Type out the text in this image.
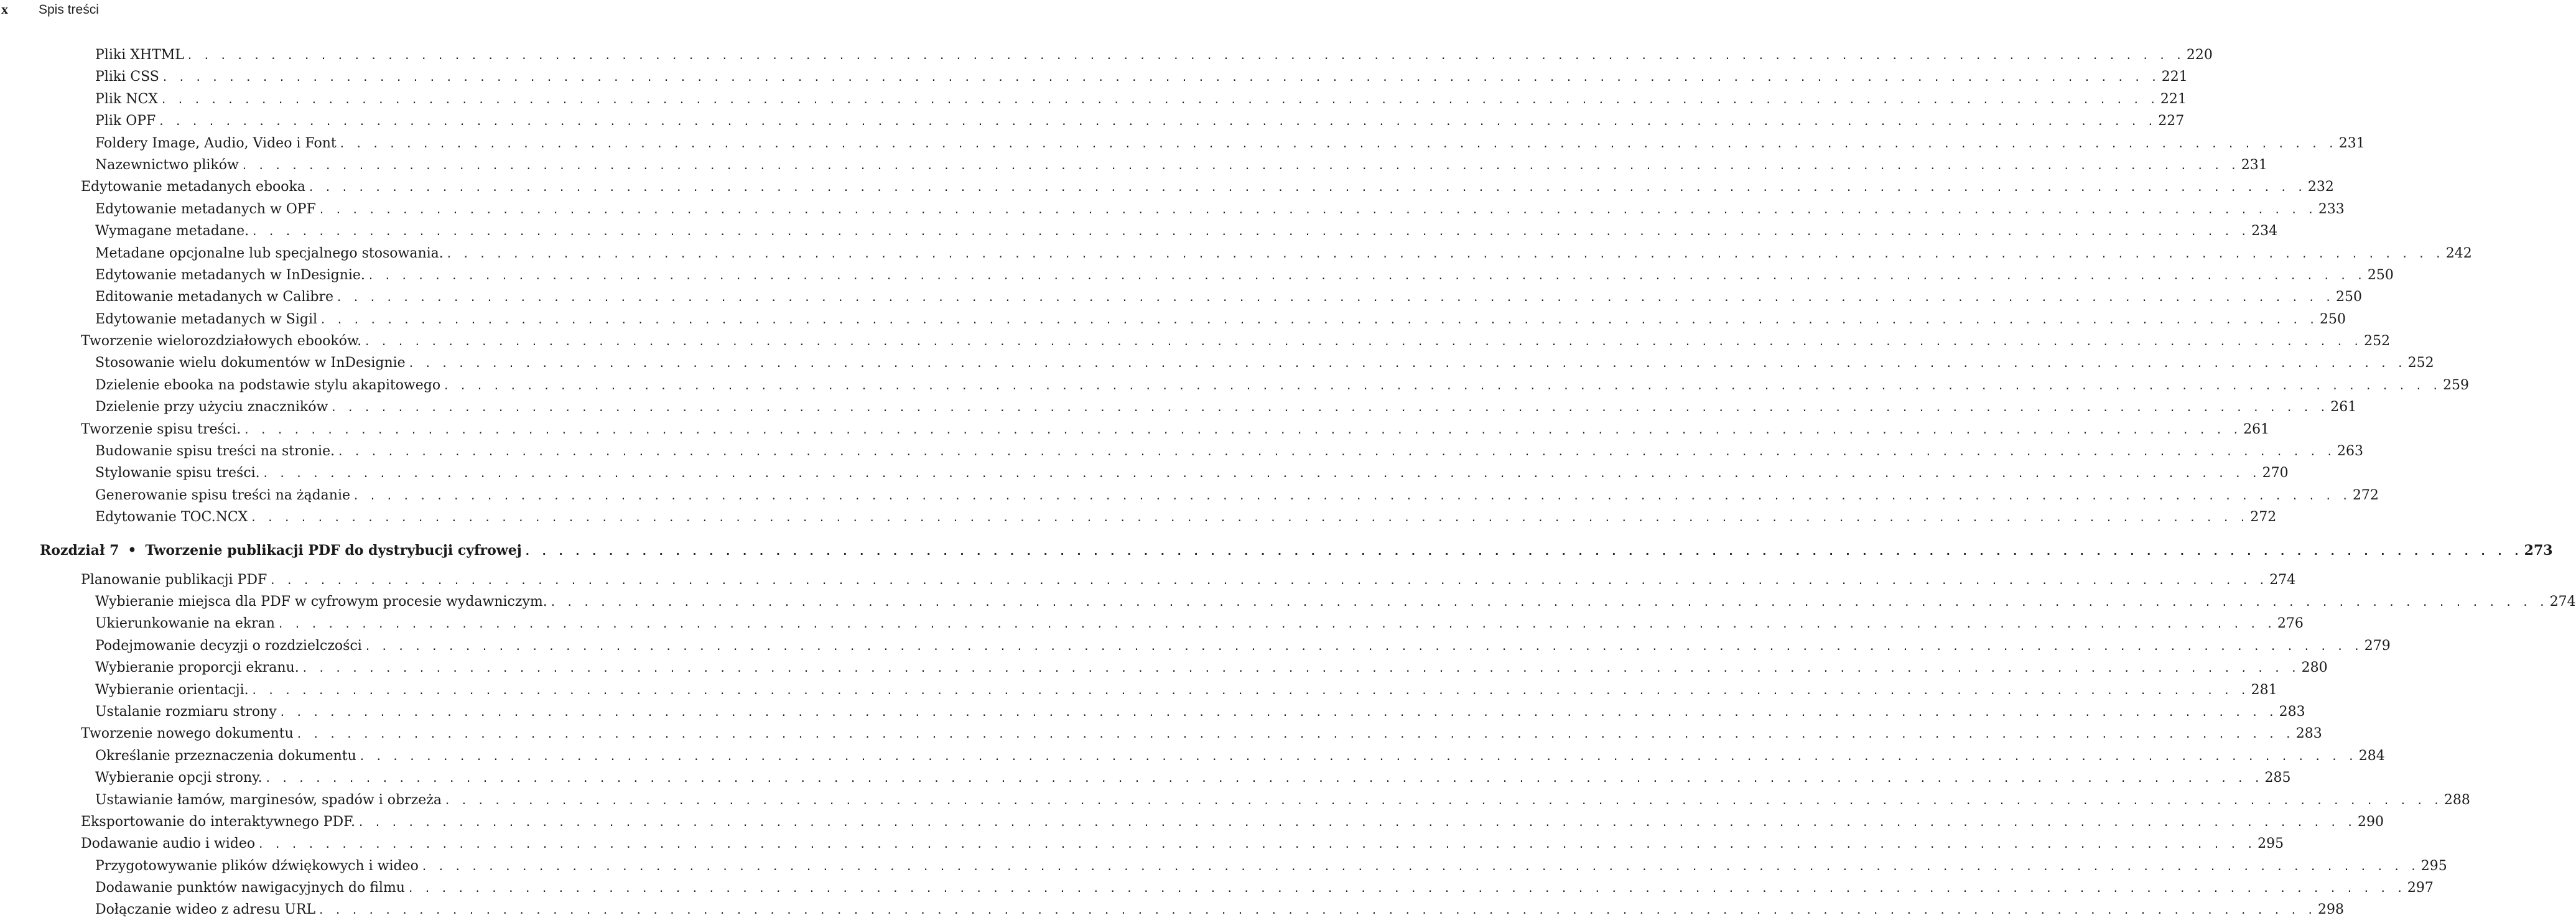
x	Spis treści
Pliki XHTML . . . . . . . . . . . . . . . . . . . . . . . . . . . . . . . . . . . . . . . . . . . . . . . . . . . . . . . . . . . . . . . . . . . . . . . . . . . . . . . . . . . . . . . . . . . . . . . . . . . . . . . . . . . . . . . . . . . . . . . . 220
Pliki CSS . . . . . . . . . . . . . . . . . . . . . . . . . . . . . . . . . . . . . . . . . . . . . . . . . . . . . . . . . . . . . . . . . . . . . . . . . . . . . . . . . . . . . . . . . . . . . . . . . . . . . . . . . . . . . . . . . . . . . . . . 221
Plik NCX . . . . . . . . . . . . . . . . . . . . . . . . . . . . . . . . . . . . . . . . . . . . . . . . . . . . . . . . . . . . . . . . . . . . . . . . . . . . . . . . . . . . . . . . . . . . . . . . . . . . . . . . . . . . . . . . . . . . . . . . 221
Plik OPF . . . . . . . . . . . . . . . . . . . . . . . . . . . . . . . . . . . . . . . . . . . . . . . . . . . . . . . . . . . . . . . . . . . . . . . . . . . . . . . . . . . . . . . . . . . . . . . . . . . . . . . . . . . . . . . . . . . . . . . . 227
Foldery Image, Audio, Video i Font . . . . . . . . . . . . . . . . . . . . . . . . . . . . . . . . . . . . . . . . . . . . . . . . . . . . . . . . . . . . . . . . . . . . . . . . . . . . . . . . . . . . . . . . . . . . . . . . . . . . . . . . . . . . . . . . . . . . . . . . 231
Nazewnictwo plików . . . . . . . . . . . . . . . . . . . . . . . . . . . . . . . . . . . . . . . . . . . . . . . . . . . . . . . . . . . . . . . . . . . . . . . . . . . . . . . . . . . . . . . . . . . . . . . . . . . . . . . . . . . . . . . . . . . . . . . . 231
Edytowanie metadanych ebooka . . . . . . . . . . . . . . . . . . . . . . . . . . . . . . . . . . . . . . . . . . . . . . . . . . . . . . . . . . . . . . . . . . . . . . . . . . . . . . . . . . . . . . . . . . . . . . . . . . . . . . . . . . . . . . . . . . . . . . . . 232
Edytowanie metadanych w OPF . . . . . . . . . . . . . . . . . . . . . . . . . . . . . . . . . . . . . . . . . . . . . . . . . . . . . . . . . . . . . . . . . . . . . . . . . . . . . . . . . . . . . . . . . . . . . . . . . . . . . . . . . . . . . . . . . . . . . . . . 233
Wymagane metadane. . . . . . . . . . . . . . . . . . . . . . . . . . . . . . . . . . . . . . . . . . . . . . . . . . . . . . . . . . . . . . . . . . . . . . . . . . . . . . . . . . . . . . . . . . . . . . . . . . . . . . . . . . . . . . . . . . . . . . . . . 234
Metadane opcjonalne lub specjalnego stosowania. . . . . . . . . . . . . . . . . . . . . . . . . . . . . . . . . . . . . . . . . . . . . . . . . . . . . . . . . . . . . . . . . . . . . . . . . . . . . . . . . . . . . . . . . . . . . . . . . . . . . . . . . . . . . . . . . . . . . . . . . 242
Edytowanie metadanych w InDesignie. . . . . . . . . . . . . . . . . . . . . . . . . . . . . . . . . . . . . . . . . . . . . . . . . . . . . . . . . . . . . . . . . . . . . . . . . . . . . . . . . . . . . . . . . . . . . . . . . . . . . . . . . . . . . . . . . . . . . . . . . 250
Editowanie metadanych w Calibre . . . . . . . . . . . . . . . . . . . . . . . . . . . . . . . . . . . . . . . . . . . . . . . . . . . . . . . . . . . . . . . . . . . . . . . . . . . . . . . . . . . . . . . . . . . . . . . . . . . . . . . . . . . . . . . . . . . . . . . . 250
Edytowanie metadanych w Sigil . . . . . . . . . . . . . . . . . . . . . . . . . . . . . . . . . . . . . . . . . . . . . . . . . . . . . . . . . . . . . . . . . . . . . . . . . . . . . . . . . . . . . . . . . . . . . . . . . . . . . . . . . . . . . . . . . . . . . . . . 250
Tworzenie wielorozdziałowych ebooków. . . . . . . . . . . . . . . . . . . . . . . . . . . . . . . . . . . . . . . . . . . . . . . . . . . . . . . . . . . . . . . . . . . . . . . . . . . . . . . . . . . . . . . . . . . . . . . . . . . . . . . . . . . . . . . . . . . . . . . . . 252
Stosowanie wielu dokumentów w InDesignie . . . . . . . . . . . . . . . . . . . . . . . . . . . . . . . . . . . . . . . . . . . . . . . . . . . . . . . . . . . . . . . . . . . . . . . . . . . . . . . . . . . . . . . . . . . . . . . . . . . . . . . . . . . . . . . . . . . . . . . . 252
Dzielenie ebooka na podstawie stylu akapitowego . . . . . . . . . . . . . . . . . . . . . . . . . . . . . . . . . . . . . . . . . . . . . . . . . . . . . . . . . . . . . . . . . . . . . . . . . . . . . . . . . . . . . . . . . . . . . . . . . . . . . . . . . . . . . . . . . . . . . . . . 259
Dzielenie przy użyciu znaczników . . . . . . . . . . . . . . . . . . . . . . . . . . . . . . . . . . . . . . . . . . . . . . . . . . . . . . . . . . . . . . . . . . . . . . . . . . . . . . . . . . . . . . . . . . . . . . . . . . . . . . . . . . . . . . . . . . . . . . . . 261
Tworzenie spisu treści. . . . . . . . . . . . . . . . . . . . . . . . . . . . . . . . . . . . . . . . . . . . . . . . . . . . . . . . . . . . . . . . . . . . . . . . . . . . . . . . . . . . . . . . . . . . . . . . . . . . . . . . . . . . . . . . . . . . . . . . . 261
Budowanie spisu treści na stronie. . . . . . . . . . . . . . . . . . . . . . . . . . . . . . . . . . . . . . . . . . . . . . . . . . . . . . . . . . . . . . . . . . . . . . . . . . . . . . . . . . . . . . . . . . . . . . . . . . . . . . . . . . . . . . . . . . . . . . . . . 263
Stylowanie spisu treści. . . . . . . . . . . . . . . . . . . . . . . . . . . . . . . . . . . . . . . . . . . . . . . . . . . . . . . . . . . . . . . . . . . . . . . . . . . . . . . . . . . . . . . . . . . . . . . . . . . . . . . . . . . . . . . . . . . . . . . . . 270
Generowanie spisu treści na żądanie . . . . . . . . . . . . . . . . . . . . . . . . . . . . . . . . . . . . . . . . . . . . . . . . . . . . . . . . . . . . . . . . . . . . . . . . . . . . . . . . . . . . . . . . . . . . . . . . . . . . . . . . . . . . . . . . . . . . . . . . 272
Edytowanie TOC.NCX . . . . . . . . . . . . . . . . . . . . . . . . . . . . . . . . . . . . . . . . . . . . . . . . . . . . . . . . . . . . . . . . . . . . . . . . . . . . . . . . . . . . . . . . . . . . . . . . . . . . . . . . . . . . . . . . . . . . . . . . 272
Rozdział 7 • Tworzenie publikacji PDF do dystrybucji cyfrowej . . . . . . . . . . . . . . . . . . . . . . . . . . . . . . . . . . . . . . . . . . . . . . . . . . . . . . . . . . . . . . . . . . . . . . . . . . . . . . . . . . . . . . . . . . . . . . . . . . . . . . . . . . . . . . . . . . . . . . . . 273
Planowanie publikacji PDF . . . . . . . . . . . . . . . . . . . . . . . . . . . . . . . . . . . . . . . . . . . . . . . . . . . . . . . . . . . . . . . . . . . . . . . . . . . . . . . . . . . . . . . . . . . . . . . . . . . . . . . . . . . . . . . . . . . . . . . . 274
Wybieranie miejsca dla PDF w cyfrowym procesie wydawniczym. . . . . . . . . . . . . . . . . . . . . . . . . . . . . . . . . . . . . . . . . . . . . . . . . . . . . . . . . . . . . . . . . . . . . . . . . . . . . . . . . . . . . . . . . . . . . . . . . . . . . . . . . . . . . . . . . . . . . . . . . 274
Ukierunkowanie na ekran . . . . . . . . . . . . . . . . . . . . . . . . . . . . . . . . . . . . . . . . . . . . . . . . . . . . . . . . . . . . . . . . . . . . . . . . . . . . . . . . . . . . . . . . . . . . . . . . . . . . . . . . . . . . . . . . . . . . . . . . 276
Podejmowanie decyzji o rozdzielczości . . . . . . . . . . . . . . . . . . . . . . . . . . . . . . . . . . . . . . . . . . . . . . . . . . . . . . . . . . . . . . . . . . . . . . . . . . . . . . . . . . . . . . . . . . . . . . . . . . . . . . . . . . . . . . . . . . . . . . . . 279
Wybieranie proporcji ekranu. . . . . . . . . . . . . . . . . . . . . . . . . . . . . . . . . . . . . . . . . . . . . . . . . . . . . . . . . . . . . . . . . . . . . . . . . . . . . . . . . . . . . . . . . . . . . . . . . . . . . . . . . . . . . . . . . . . . . . . . . 280
Wybieranie orientacji. . . . . . . . . . . . . . . . . . . . . . . . . . . . . . . . . . . . . . . . . . . . . . . . . . . . . . . . . . . . . . . . . . . . . . . . . . . . . . . . . . . . . . . . . . . . . . . . . . . . . . . . . . . . . . . . . . . . . . . . . 281
Ustalanie rozmiaru strony . . . . . . . . . . . . . . . . . . . . . . . . . . . . . . . . . . . . . . . . . . . . . . . . . . . . . . . . . . . . . . . . . . . . . . . . . . . . . . . . . . . . . . . . . . . . . . . . . . . . . . . . . . . . . . . . . . . . . . . . 283
Tworzenie nowego dokumentu . . . . . . . . . . . . . . . . . . . . . . . . . . . . . . . . . . . . . . . . . . . . . . . . . . . . . . . . . . . . . . . . . . . . . . . . . . . . . . . . . . . . . . . . . . . . . . . . . . . . . . . . . . . . . . . . . . . . . . . . 283
Określanie przeznaczenia dokumentu . . . . . . . . . . . . . . . . . . . . . . . . . . . . . . . . . . . . . . . . . . . . . . . . . . . . . . . . . . . . . . . . . . . . . . . . . . . . . . . . . . . . . . . . . . . . . . . . . . . . . . . . . . . . . . . . . . . . . . . . 284
Wybieranie opcji strony. . . . . . . . . . . . . . . . . . . . . . . . . . . . . . . . . . . . . . . . . . . . . . . . . . . . . . . . . . . . . . . . . . . . . . . . . . . . . . . . . . . . . . . . . . . . . . . . . . . . . . . . . . . . . . . . . . . . . . . . . 285
Ustawianie łamów, marginesów, spadów i obrzeża . . . . . . . . . . . . . . . . . . . . . . . . . . . . . . . . . . . . . . . . . . . . . . . . . . . . . . . . . . . . . . . . . . . . . . . . . . . . . . . . . . . . . . . . . . . . . . . . . . . . . . . . . . . . . . . . . . . . . . . . 288
Eksportowanie do interaktywnego PDF. . . . . . . . . . . . . . . . . . . . . . . . . . . . . . . . . . . . . . . . . . . . . . . . . . . . . . . . . . . . . . . . . . . . . . . . . . . . . . . . . . . . . . . . . . . . . . . . . . . . . . . . . . . . . . . . . . . . . . . . . 290
Dodawanie audio i wideo . . . . . . . . . . . . . . . . . . . . . . . . . . . . . . . . . . . . . . . . . . . . . . . . . . . . . . . . . . . . . . . . . . . . . . . . . . . . . . . . . . . . . . . . . . . . . . . . . . . . . . . . . . . . . . . . . . . . . . . . 295
Przygotowywanie plików dźwiękowych i wideo . . . . . . . . . . . . . . . . . . . . . . . . . . . . . . . . . . . . . . . . . . . . . . . . . . . . . . . . . . . . . . . . . . . . . . . . . . . . . . . . . . . . . . . . . . . . . . . . . . . . . . . . . . . . . . . . . . . . . . . . 295
Dodawanie punktów nawigacyjnych do filmu . . . . . . . . . . . . . . . . . . . . . . . . . . . . . . . . . . . . . . . . . . . . . . . . . . . . . . . . . . . . . . . . . . . . . . . . . . . . . . . . . . . . . . . . . . . . . . . . . . . . . . . . . . . . . . . . . . . . . . . . 297
Dołączanie wideo z adresu URL . . . . . . . . . . . . . . . . . . . . . . . . . . . . . . . . . . . . . . . . . . . . . . . . . . . . . . . . . . . . . . . . . . . . . . . . . . . . . . . . . . . . . . . . . . . . . . . . . . . . . . . . . . . . . . . . . . . . . . . . 298
